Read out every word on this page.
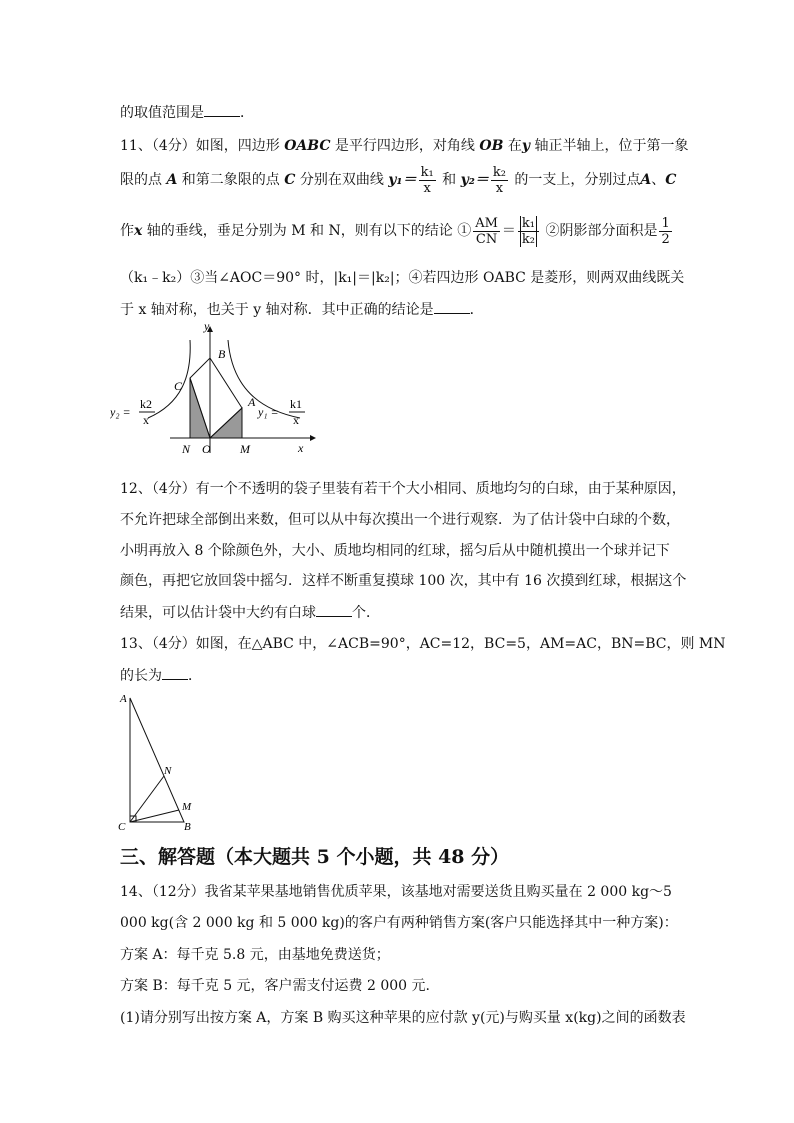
的取值范围是	．
11、（4分）如图，四边形 OABC 是平行四边形，对角线 OB 在y 轴正半轴上，位于第一象
限的点 A 和第二象限的点 C 分别在双曲线 $y_1= \frac{\text{k₁}}{x}$ 和 $y_2= \frac{\text{k₂}}{x}$ 的一支上，分别过点A、C
作x 轴的垂线，垂足分别为 M 和 N，则有以下的结论 ① $\frac{AM}{CN} = \frac{\text{k₁}}{\text{k₂}}$ ②阴影部分面积是 $\frac{1}{2}$
（k₁﹣k₂）③当∠AOC＝90° 时，|k₁|＝|k₂|；④若四边形 OABC 是菱形，则两双曲线既关
于 x 轴对称，也关于 y 轴对称．其中正确的结论是	．
y
x
B
C
A
O
N	M
y₂ =
k2
x
y₁ =
k1
x
12、（4分）有一个不透明的袋子里装有若干个大小相同、质地均匀的白球，由于某种原因，
不允许把球全部倒出来数，但可以从中每次摸出一个进行观察．为了估计袋中白球的个数，
小明再放入 8 个除颜色外，大小、质地均相同的红球，摇匀后从中随机摸出一个球并记下
颜色，再把它放回袋中摇匀．这样不断重复摸球 100 次，其中有 16 次摸到红球，根据这个
结果，可以估计袋中大约有白球	个．
13、（4分）如图，在△ABC 中，∠ACB=90°，AC=12，BC=5，AM=AC，BN=BC，则 MN
的长为 ．
A
N
M
C	B
三、解答题（本大题共 5 个小题，共 48 分）
14、（12分）我省某苹果基地销售优质苹果，该基地对需要送货且购买量在 2 000 kg～5
000 kg(含 2 000 kg 和 5 000 kg)的客户有两种销售方案(客户只能选择其中一种方案)：
方案 A：每千克 5.8 元，由基地免费送货；
方案 B：每千克 5 元，客户需支付运费 2 000 元.
(1)请分别写出按方案 A，方案 B 购买这种苹果的应付款 y(元)与购买量 x(kg)之间的函数表
